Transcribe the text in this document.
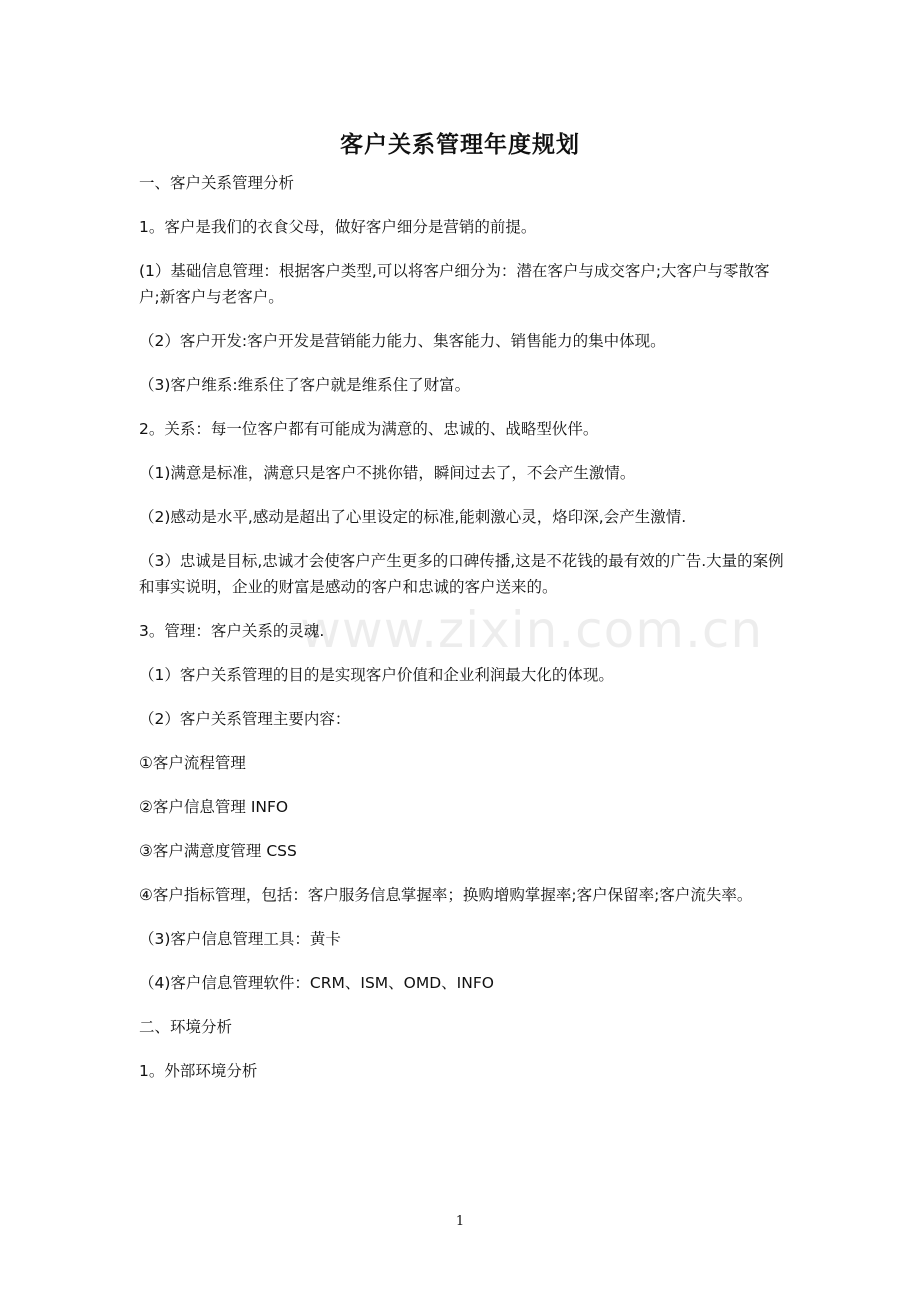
客户关系管理年度规划

一、客户关系管理分析

1。客户是我们的衣食父母，做好客户细分是营销的前提。

(1）基础信息管理：根据客户类型,可以将客户细分为：潜在客户与成交客户;大客户与零散客户;新客户与老客户。

（2）客户开发:客户开发是营销能力能力、集客能力、销售能力的集中体现。

（3)客户维系:维系住了客户就是维系住了财富。

2。关系：每一位客户都有可能成为满意的、忠诚的、战略型伙伴。

（1)满意是标准，满意只是客户不挑你错，瞬间过去了，不会产生激情。

（2)感动是水平,感动是超出了心里设定的标准,能刺激心灵，烙印深,会产生激情.

（3）忠诚是目标,忠诚才会使客户产生更多的口碑传播,这是不花钱的最有效的广告.大量的案例和事实说明，企业的财富是感动的客户和忠诚的客户送来的。

3。管理：客户关系的灵魂.

（1）客户关系管理的目的是实现客户价值和企业利润最大化的体现。

（2）客户关系管理主要内容：

①客户流程管理

②客户信息管理 INFO

③客户满意度管理 CSS

④客户指标管理，包括：客户服务信息掌握率；换购增购掌握率;客户保留率;客户流失率。

（3)客户信息管理工具：黄卡

（4)客户信息管理软件：CRM、ISM、OMD、INFO

二、环境分析

1。外部环境分析

www.zixin.com.cn
1
